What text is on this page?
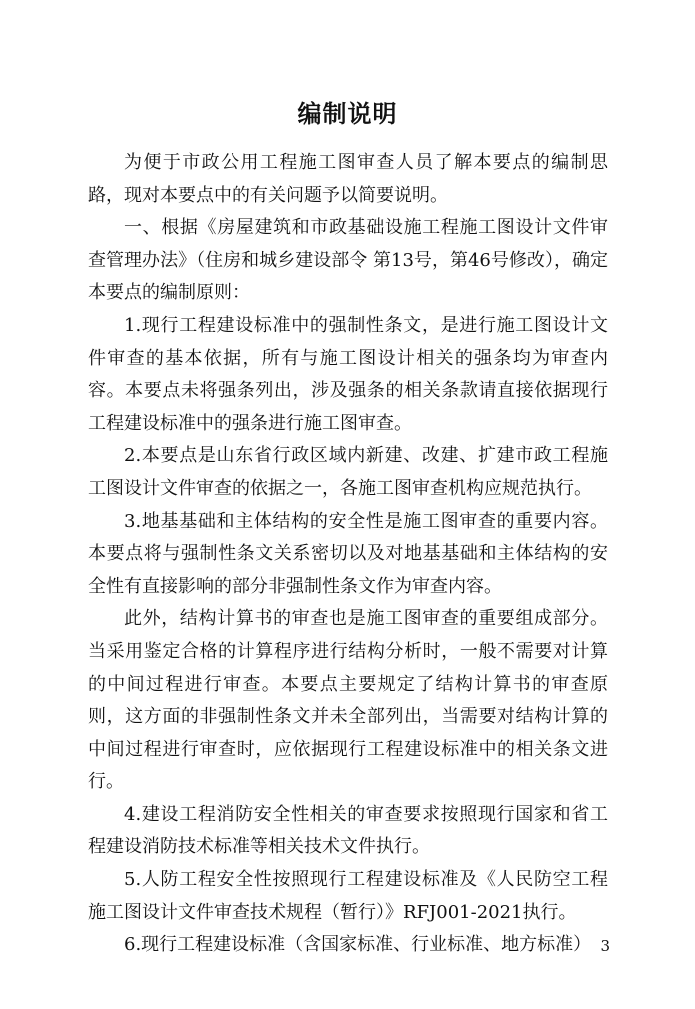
编制说明

为便于市政公用工程施工图审查人员了解本要点的编制思路，现对本要点中的有关问题予以简要说明。

一、根据《房屋建筑和市政基础设施工程施工图设计文件审查管理办法》（住房和城乡建设部令 第13号，第46号修改），确定本要点的编制原则：

1.现行工程建设标准中的强制性条文，是进行施工图设计文件审查的基本依据，所有与施工图设计相关的强条均为审查内容。本要点未将强条列出，涉及强条的相关条款请直接依据现行工程建设标准中的强条进行施工图审查。

2.本要点是山东省行政区域内新建、改建、扩建市政工程施工图设计文件审查的依据之一，各施工图审查机构应规范执行。

3.地基基础和主体结构的安全性是施工图审查的重要内容。本要点将与强制性条文关系密切以及对地基基础和主体结构的安全性有直接影响的部分非强制性条文作为审查内容。

此外，结构计算书的审查也是施工图审查的重要组成部分。当采用鉴定合格的计算程序进行结构分析时，一般不需要对计算的中间过程进行审查。本要点主要规定了结构计算书的审查原则，这方面的非强制性条文并未全部列出，当需要对结构计算的中间过程进行审查时，应依据现行工程建设标准中的相关条文进行。

4.建设工程消防安全性相关的审查要求按照现行国家和省工程建设消防技术标准等相关技术文件执行。

5.人防工程安全性按照现行工程建设标准及《人民防空工程施工图设计文件审查技术规程（暂行）》RFJ001-2021执行。

6.现行工程建设标准（含国家标准、行业标准、地方标准） 3
